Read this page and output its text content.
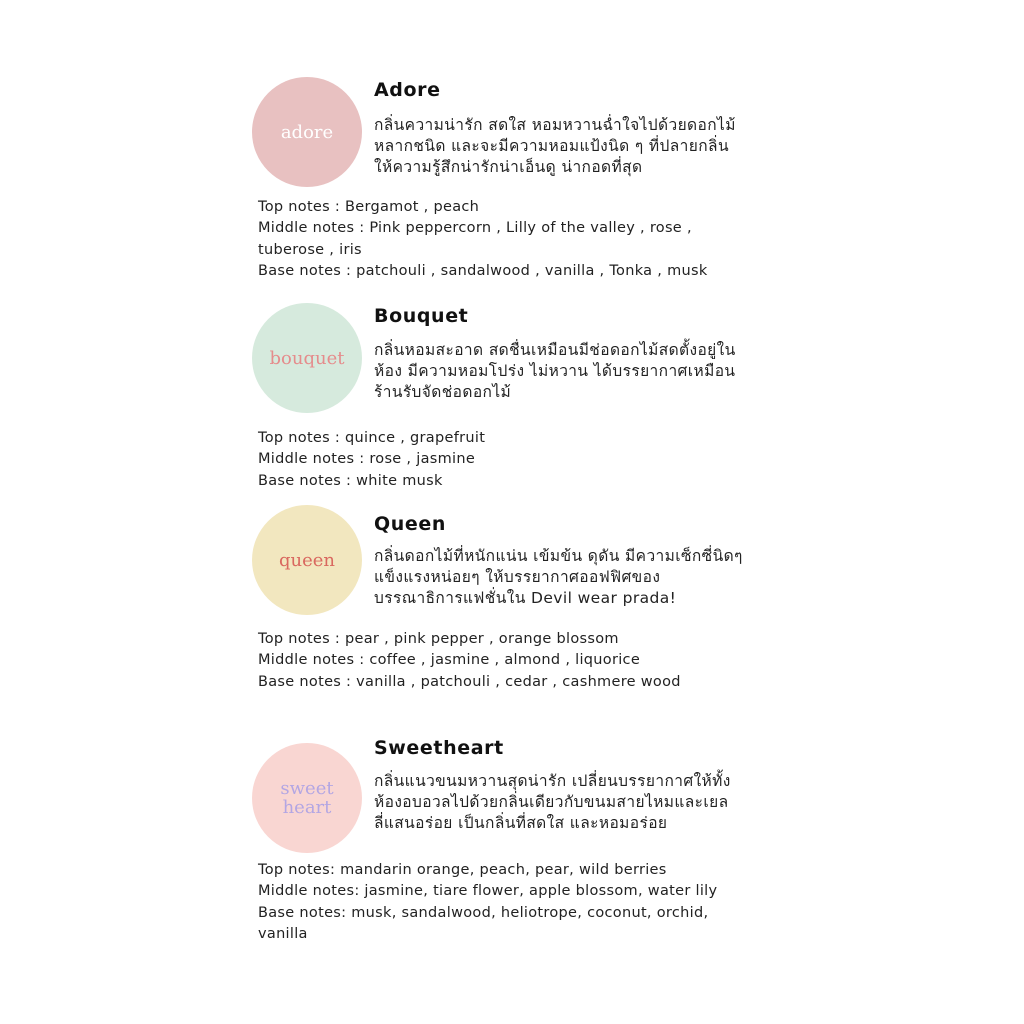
adore
Adore

กลิ่นความน่ารัก สดใส หอมหวานฉ่ำใจไปด้วยดอกไม้
หลากชนิด และจะมีความหอมแป้งนิด ๆ ที่ปลายกลิ่น
ให้ความรู้สึกน่ารักน่าเอ็นดู น่ากอดที่สุด

Top notes : Bergamot , peach
Middle notes : Pink peppercorn , Lilly of the valley , rose ,
tuberose , iris
Base notes : patchouli , sandalwood , vanilla , Tonka , musk

bouquet
Bouquet

กลิ่นหอมสะอาด สดชื่นเหมือนมีช่อดอกไม้สดตั้งอยู่ใน
ห้อง มีความหอมโปร่ง ไม่หวาน ได้บรรยากาศเหมือน
ร้านรับจัดช่อดอกไม้

Top notes : quince , grapefruit
Middle notes : rose , jasmine
Base notes : white musk

queen
Queen

กลิ่นดอกไม้ที่หนักแน่น เข้มข้น ดุดัน มีความเซ็กซี่นิดๆ
แข็งแรงหน่อยๆ ให้บรรยากาศออฟฟิศของ
บรรณาธิการแฟชั่นใน Devil wear prada!

Top notes : pear , pink pepper , orange blossom
Middle notes : coffee , jasmine , almond , liquorice
Base notes : vanilla , patchouli , cedar , cashmere wood

sweet
heart
Sweetheart

กลิ่นแนวขนมหวานสุดน่ารัก เปลี่ยนบรรยากาศให้ทั้ง
ห้องอบอวลไปด้วยกลิ่นเดียวกับขนมสายไหมและเยล
ลี่แสนอร่อย เป็นกลิ่นที่สดใส และหอมอร่อย

Top notes: mandarin orange, peach, pear, wild berries
Middle notes: jasmine, tiare flower, apple blossom, water lily
Base notes: musk, sandalwood, heliotrope, coconut, orchid,
vanilla
